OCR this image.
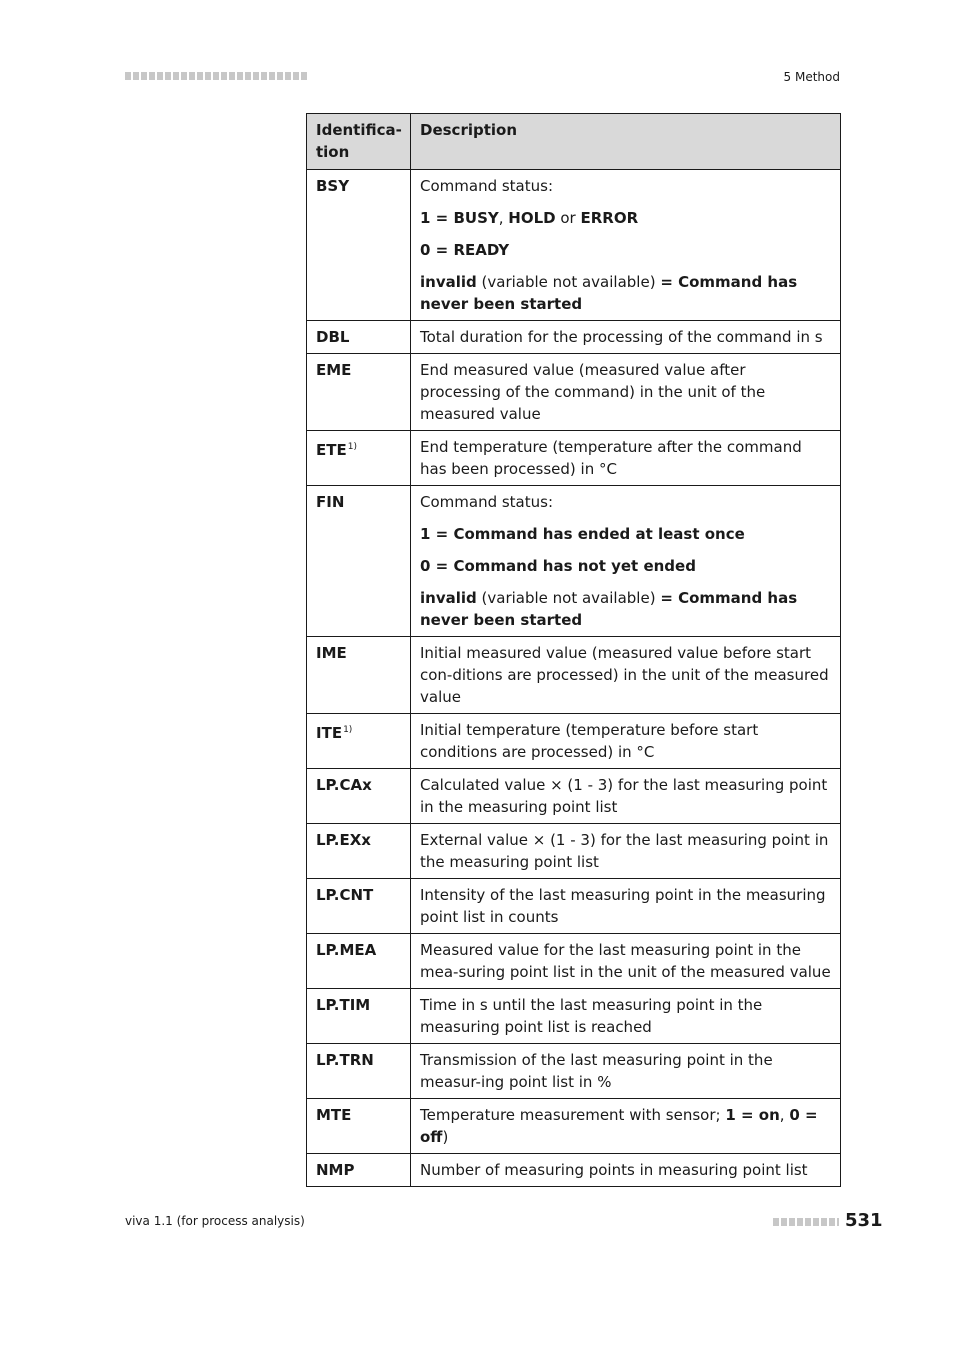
5 Method
Identifica-
tion	Description
BSY	Command status:

1 = BUSY, HOLD or ERROR

0 = READY

invalid (variable not available) = Command has never been started

DBL	Total duration for the processing of the command in s

EME	End measured value (measured value after processing of the command) in the unit of the measured value

ETE$^{1)}$	End temperature (temperature after the command has been processed) in °C

FIN	Command status:

1 = Command has ended at least once

0 = Command has not yet ended

invalid (variable not available) = Command has never been started

IME	Initial measured value (measured value before start con-ditions are processed) in the unit of the measured value

ITE$^{1)}$	Initial temperature (temperature before start conditions are processed) in °C

LP.CAx	Calculated value × (1 - 3) for the last measuring point in the measuring point list

LP.EXx	External value × (1 - 3) for the last measuring point in the measuring point list

LP.CNT	Intensity of the last measuring point in the measuring point list in counts

LP.MEA	Measured value for the last measuring point in the mea-suring point list in the unit of the measured value

LP.TIM	Time in s until the last measuring point in the measuring point list is reached

LP.TRN	Transmission of the last measuring point in the measur-ing point list in %

MTE	Temperature measurement with sensor; 1 = on, 0 = off)

NMP	Number of measuring points in measuring point list

viva 1.1 (for process analysis)	531
